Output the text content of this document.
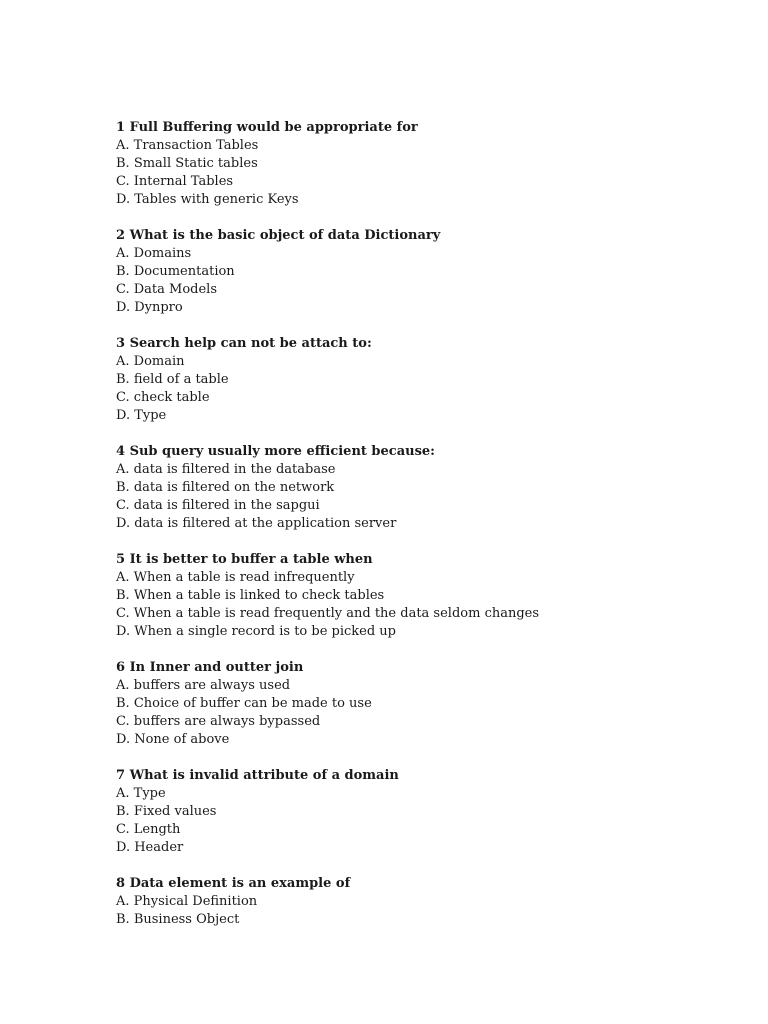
1 Full Buffering would be appropriate for
A. Transaction Tables
B. Small Static tables
C. Internal Tables
D. Tables with generic Keys
2 What is the basic object of data Dictionary
A. Domains
B. Documentation
C. Data Models
D. Dynpro
3 Search help can not be attach to:
A. Domain
B. field of a table
C. check table
D. Type
4 Sub query usually more efficient because:
A. data is filtered in the database
B. data is filtered on the network
C. data is filtered in the sapgui
D. data is filtered at the application server
5 It is better to buffer a table when
A. When a table is read infrequently
B. When a table is linked to check tables
C. When a table is read frequently and the data seldom changes
D. When a single record is to be picked up
6 In Inner and outter join
A. buffers are always used
B. Choice of buffer can be made to use
C. buffers are always bypassed
D. None of above
7 What is invalid attribute of a domain
A. Type
B. Fixed values
C. Length
D. Header
8 Data element is an example of
A. Physical Definition
B. Business Object
